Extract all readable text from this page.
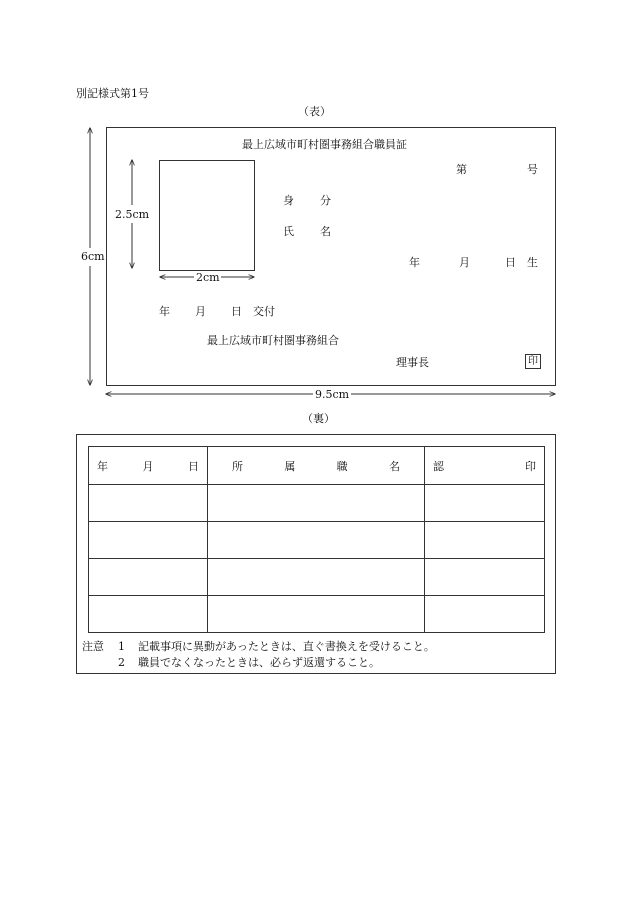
別記様式第1号
（表）
6cm
9.5cm
2.5cm
2cm
最上広域市町村圏事務組合職員証
第	号
身 分
氏 名
年	月	日 生
年 月 日 交付
最上広域市町村圏事務組合
理事長	印
（裏）
年 月 日	所 属 職 名	認 印

注意	1	記載事項に異動があったときは、直ぐ書換えを受けること。
2	職員でなくなったときは、必らず返還すること。
